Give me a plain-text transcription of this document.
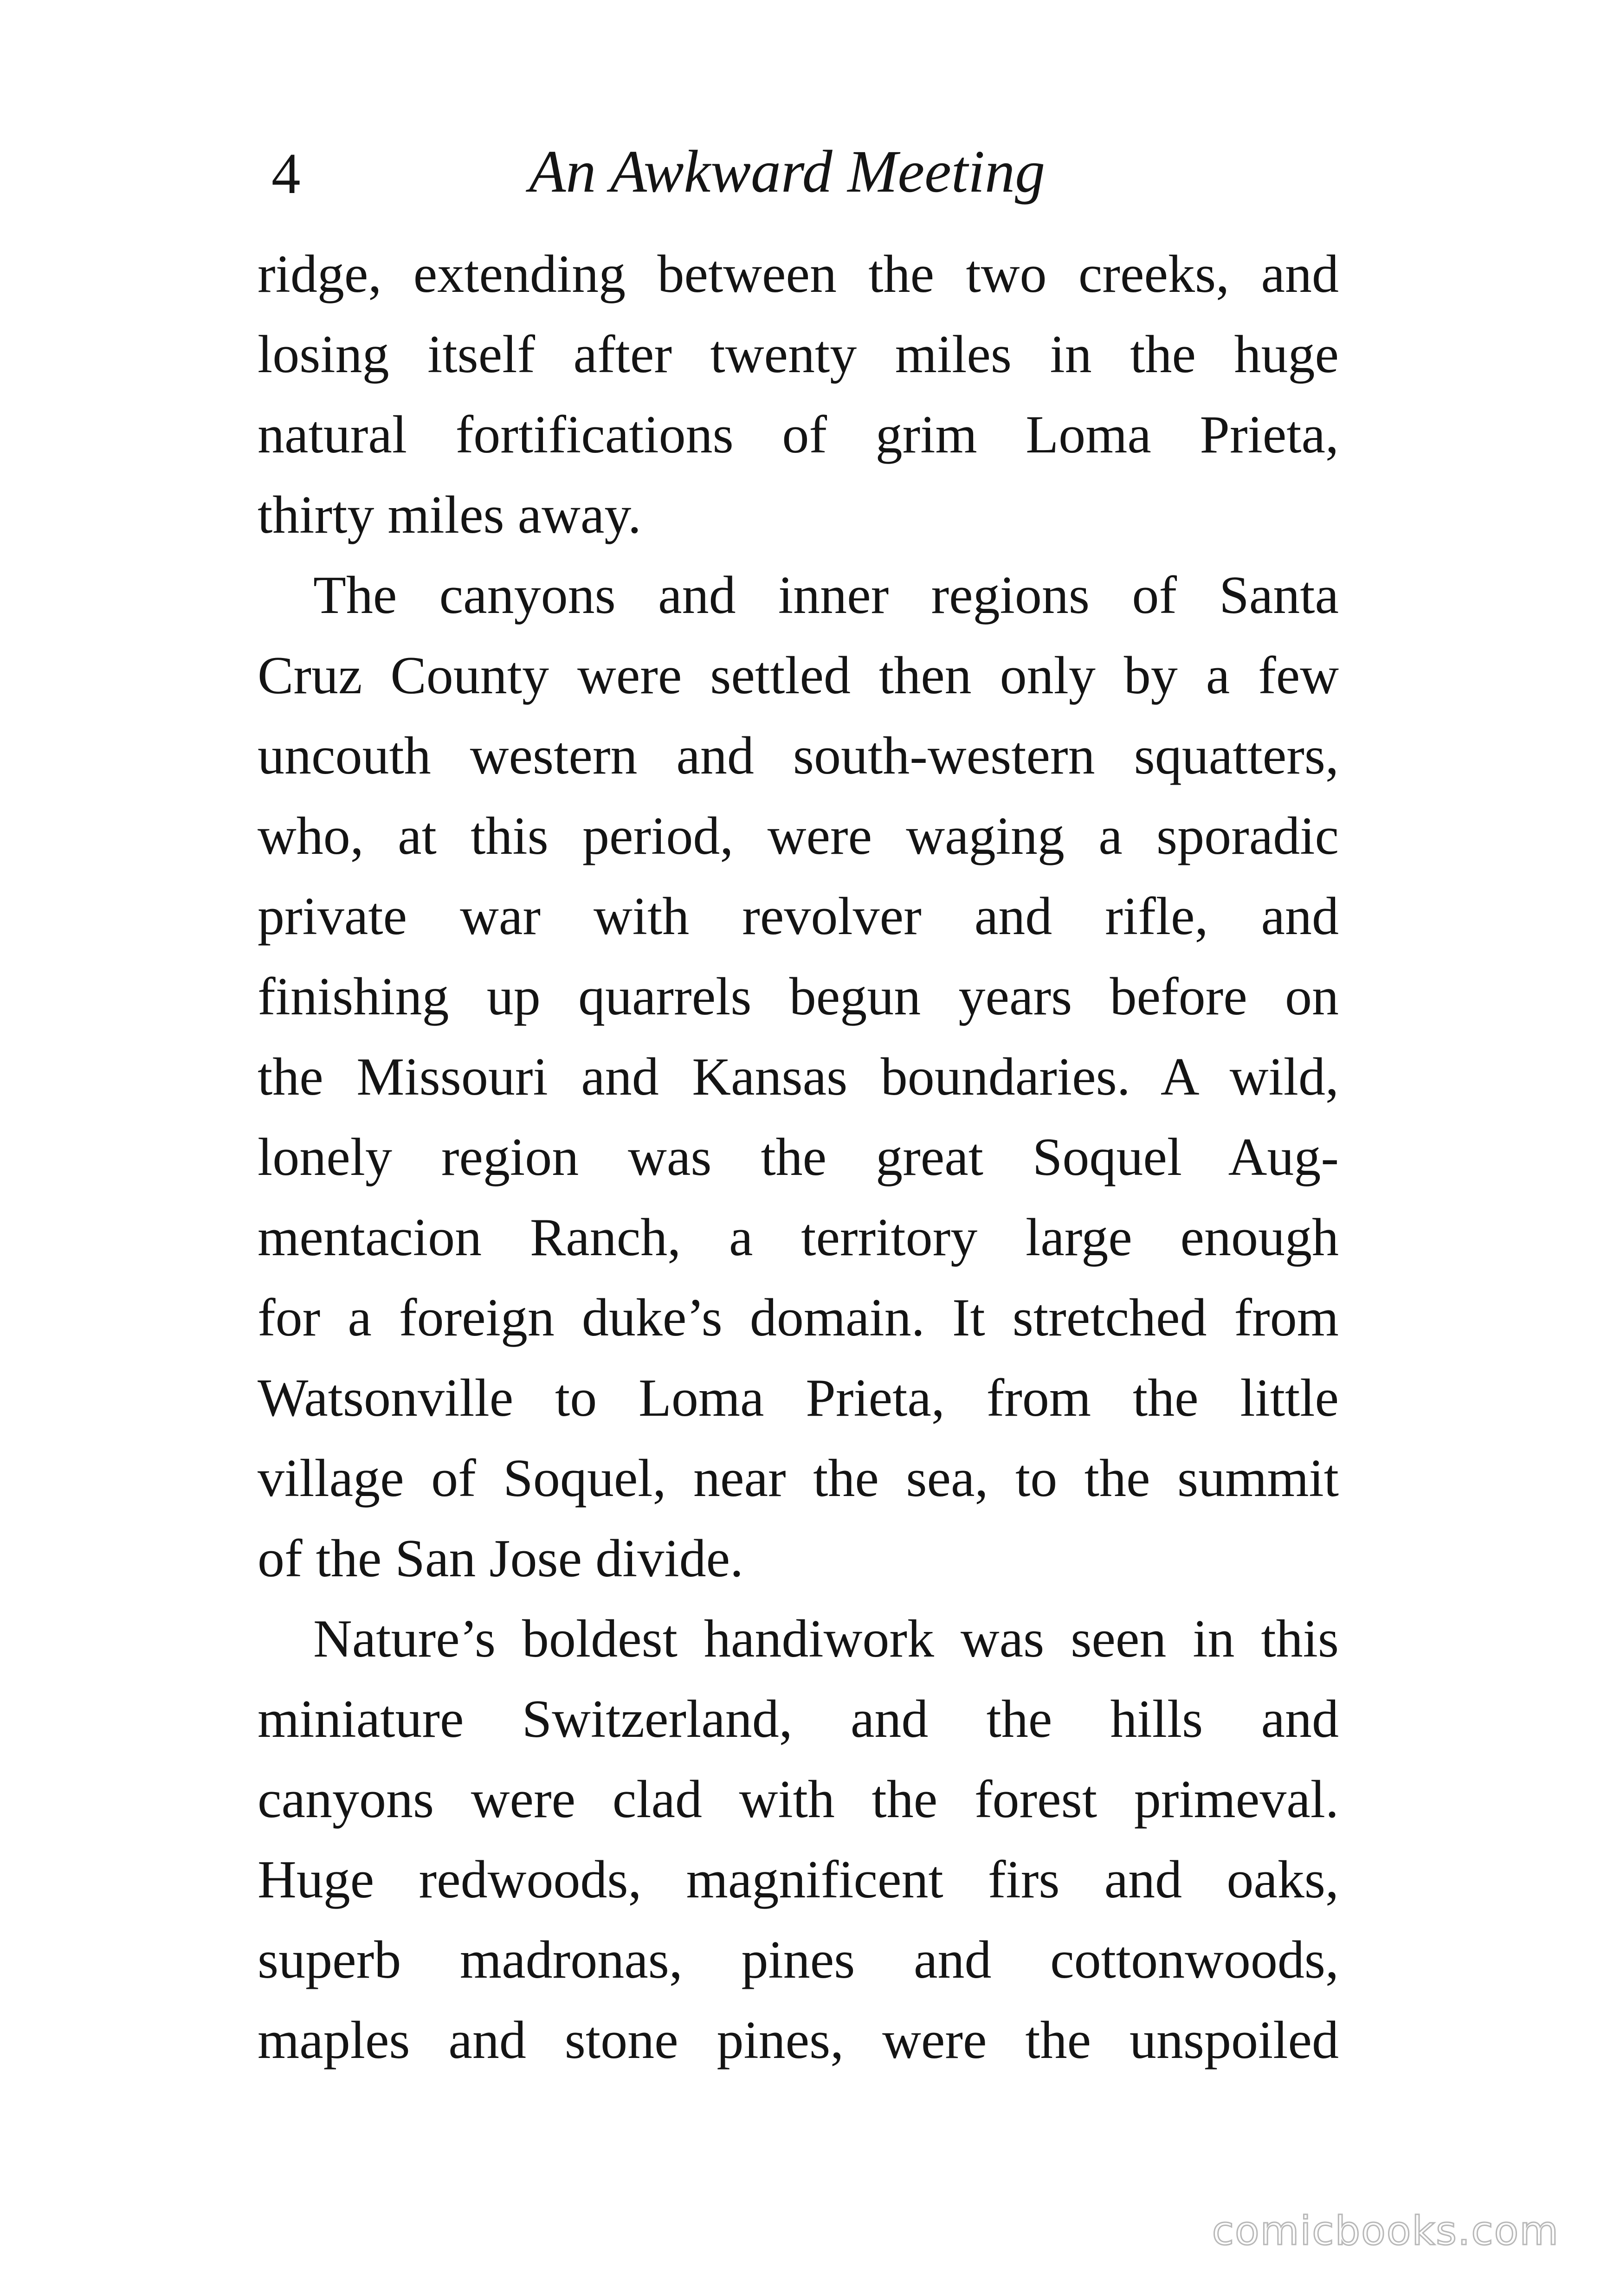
4	An Awkward Meeting

ridge, extending between the two creeks, and
losing itself after twenty miles in the huge
natural fortifications of grim Loma Prieta,
thirty miles away.

The canyons and inner regions of Santa
Cruz County were settled then only by a few
uncouth western and south-western squatters,
who, at this period, were waging a sporadic
private war with revolver and rifle, and
finishing up quarrels begun years before on
the Missouri and Kansas boundaries. A wild,
lonely region was the great Soquel Aug-
mentacion Ranch, a territory large enough
for a foreign duke’s domain. It stretched from
Watsonville to Loma Prieta, from the little
village of Soquel, near the sea, to the summit
of the San Jose divide.

Nature’s boldest handiwork was seen in this
miniature Switzerland, and the hills and
canyons were clad with the forest primeval.
Huge redwoods, magnificent firs and oaks,
superb madronas, pines and cottonwoods,
maples and stone pines, were the unspoiled

comicbooks.com
